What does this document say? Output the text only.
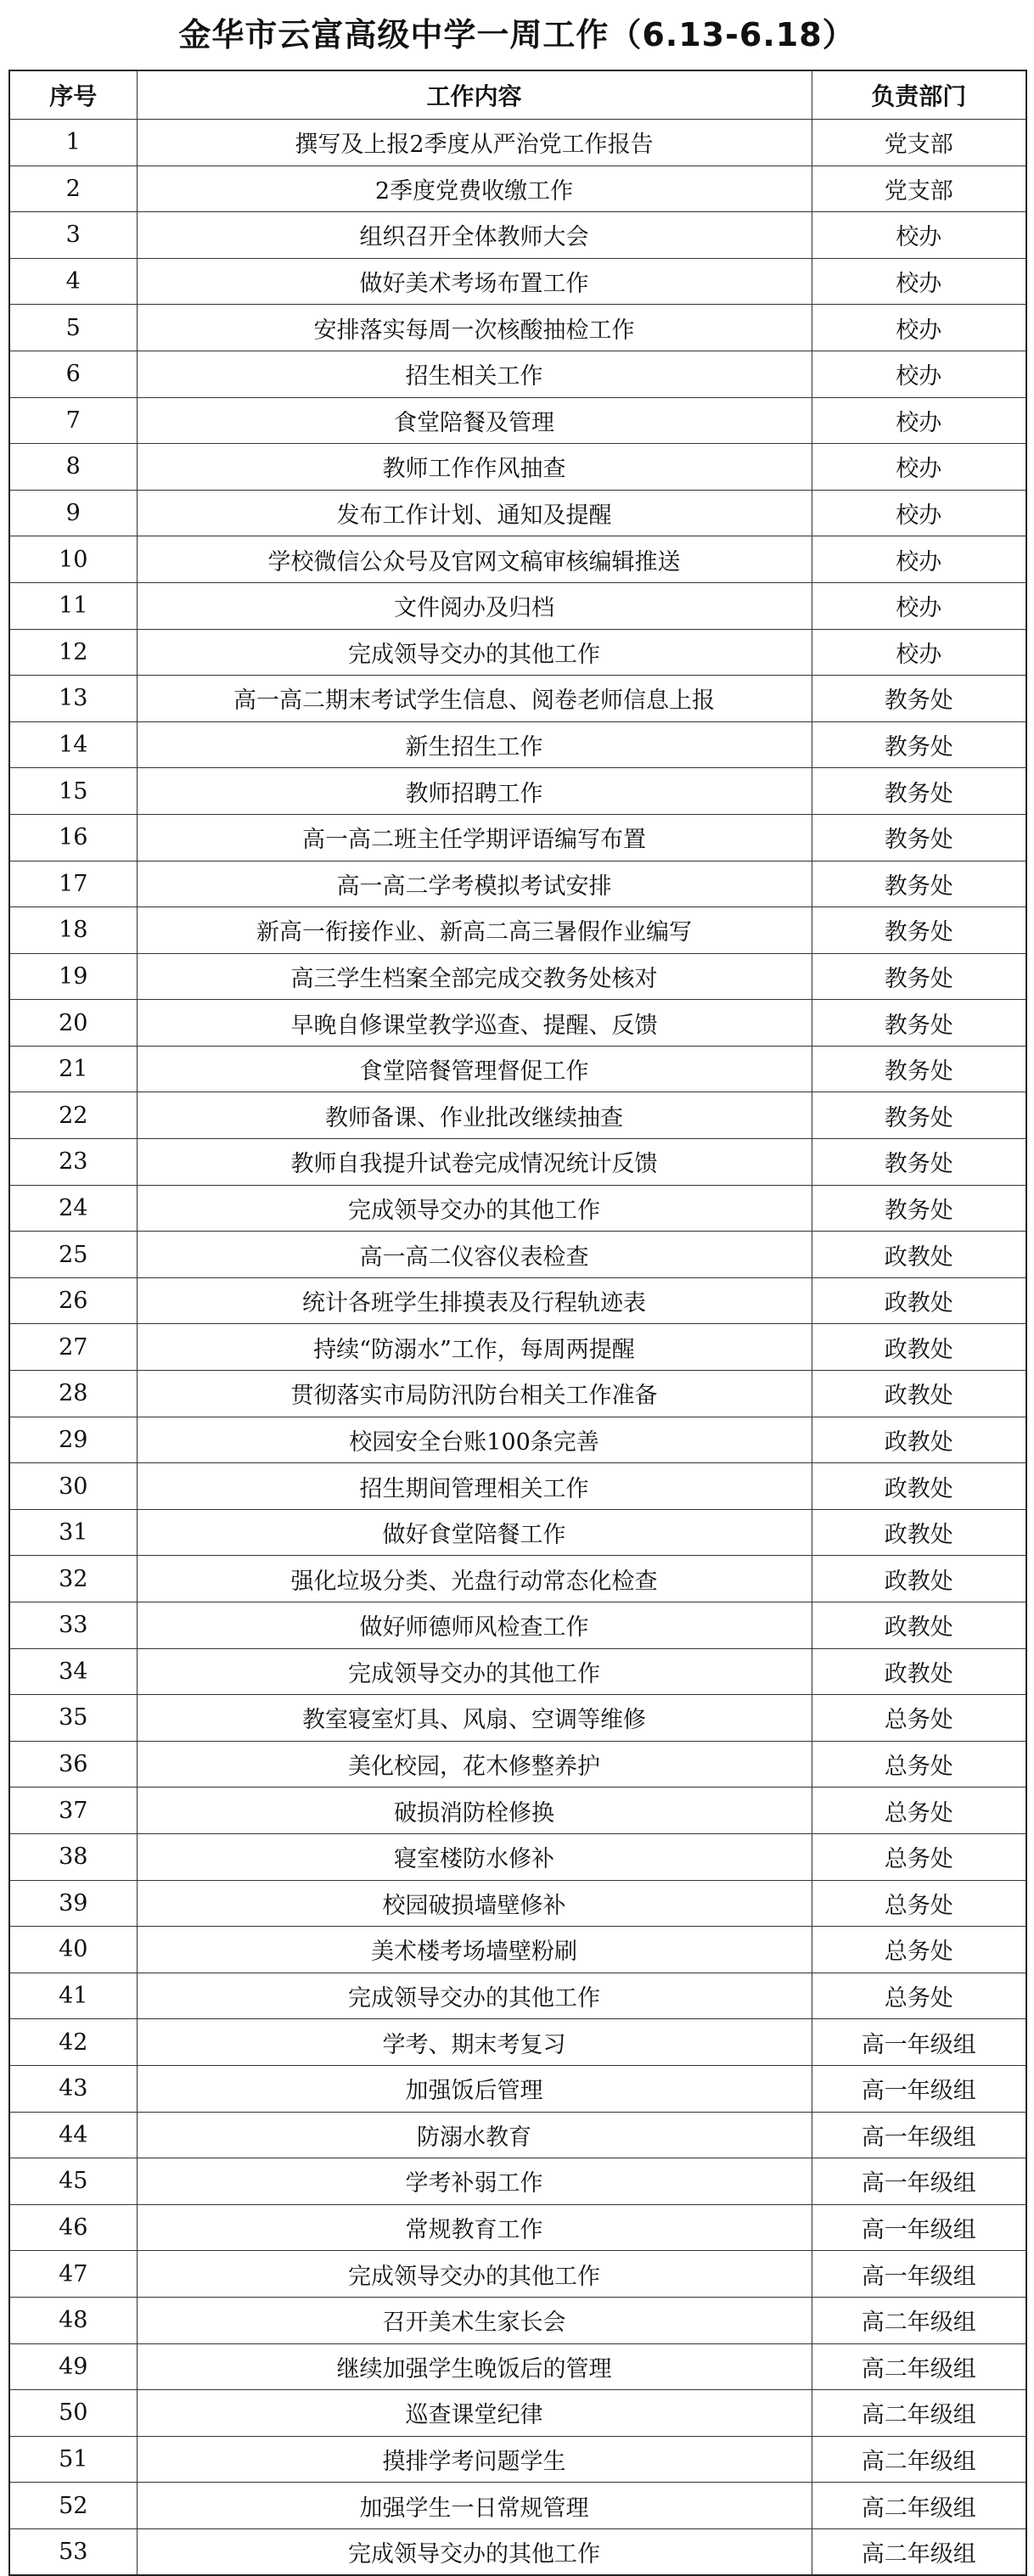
金华市云富高级中学一周工作（6.13-6.18）
序号	工作内容	负责部门
1	撰写及上报2季度从严治党工作报告	党支部
2	2季度党费收缴工作	党支部
3	组织召开全体教师大会	校办
4	做好美术考场布置工作	校办
5	安排落实每周一次核酸抽检工作	校办
6	招生相关工作	校办
7	食堂陪餐及管理	校办
8	教师工作作风抽查	校办
9	发布工作计划、通知及提醒	校办
10	学校微信公众号及官网文稿审核编辑推送	校办
11	文件阅办及归档	校办
12	完成领导交办的其他工作	校办
13	高一高二期末考试学生信息、阅卷老师信息上报	教务处
14	新生招生工作	教务处
15	教师招聘工作	教务处
16	高一高二班主任学期评语编写布置	教务处
17	高一高二学考模拟考试安排	教务处
18	新高一衔接作业、新高二高三暑假作业编写	教务处
19	高三学生档案全部完成交教务处核对	教务处
20	早晚自修课堂教学巡查、提醒、反馈	教务处
21	食堂陪餐管理督促工作	教务处
22	教师备课、作业批改继续抽查	教务处
23	教师自我提升试卷完成情况统计反馈	教务处
24	完成领导交办的其他工作	教务处
25	高一高二仪容仪表检查	政教处
26	统计各班学生排摸表及行程轨迹表	政教处
27	持续“防溺水”工作，每周两提醒	政教处
28	贯彻落实市局防汛防台相关工作准备	政教处
29	校园安全台账100条完善	政教处
30	招生期间管理相关工作	政教处
31	做好食堂陪餐工作	政教处
32	强化垃圾分类、光盘行动常态化检查	政教处
33	做好师德师风检查工作	政教处
34	完成领导交办的其他工作	政教处
35	教室寝室灯具、风扇、空调等维修	总务处
36	美化校园，花木修整养护	总务处
37	破损消防栓修换	总务处
38	寝室楼防水修补	总务处
39	校园破损墙壁修补	总务处
40	美术楼考场墙壁粉刷	总务处
41	完成领导交办的其他工作	总务处
42	学考、期末考复习	高一年级组
43	加强饭后管理	高一年级组
44	防溺水教育	高一年级组
45	学考补弱工作	高一年级组
46	常规教育工作	高一年级组
47	完成领导交办的其他工作	高一年级组
48	召开美术生家长会	高二年级组
49	继续加强学生晚饭后的管理	高二年级组
50	巡查课堂纪律	高二年级组
51	摸排学考问题学生	高二年级组
52	加强学生一日常规管理	高二年级组
53	完成领导交办的其他工作	高二年级组
